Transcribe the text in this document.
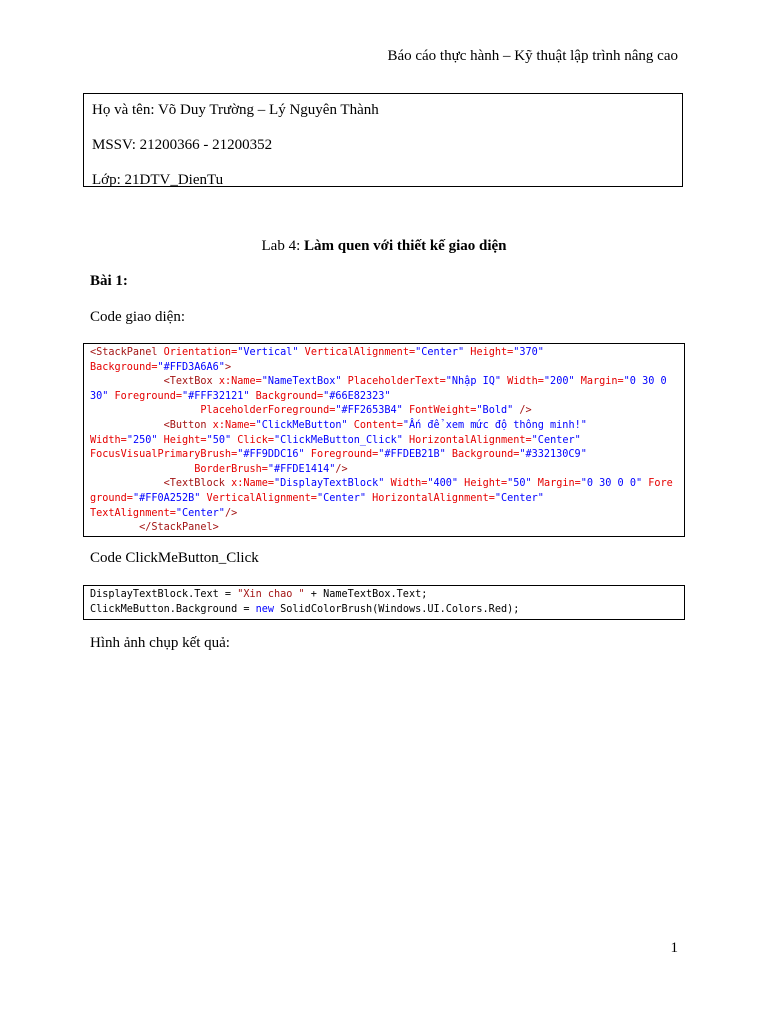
Báo cáo thực hành – Kỹ thuật lập trình nâng cao
Họ và tên: Võ Duy Trường – Lý Nguyên Thành
MSSV: 21200366 - 21200352
Lớp: 21DTV_DienTu
Lab 4: Làm quen với thiết kế giao diện
Bài 1:
Code giao diện:
<StackPanel Orientation="Vertical" VerticalAlignment="Center" Height="370"
Background="#FFD3A6A6">
<TextBox x:Name="NameTextBox" PlaceholderText="Nhập IQ" Width="200" Margin="0 30 0 30" Foreground="#FFF32121" Background="#66E82323"
PlaceholderForeground="#FF2653B4" FontWeight="Bold" />
<Button x:Name="ClickMeButton" Content="Ấn để xem mức độ thông minh!"
Width="250" Height="50" Click="ClickMeButton_Click" HorizontalAlignment="Center"
FocusVisualPrimaryBrush="#FF9DDC16" Foreground="#FFDEB21B" Background="#332130C9"
BorderBrush="#FFDE1414"/>
<TextBlock x:Name="DisplayTextBlock" Width="400" Height="50" Margin="0 30 0 0" Foreground="#FF0A252B" VerticalAlignment="Center" HorizontalAlignment="Center"
TextAlignment="Center"/>
</StackPanel>
Code ClickMeButton_Click
DisplayTextBlock.Text = "Xin chao " + NameTextBox.Text;
ClickMeButton.Background = new SolidColorBrush(Windows.UI.Colors.Red);
Hình ảnh chụp kết quả:
1
